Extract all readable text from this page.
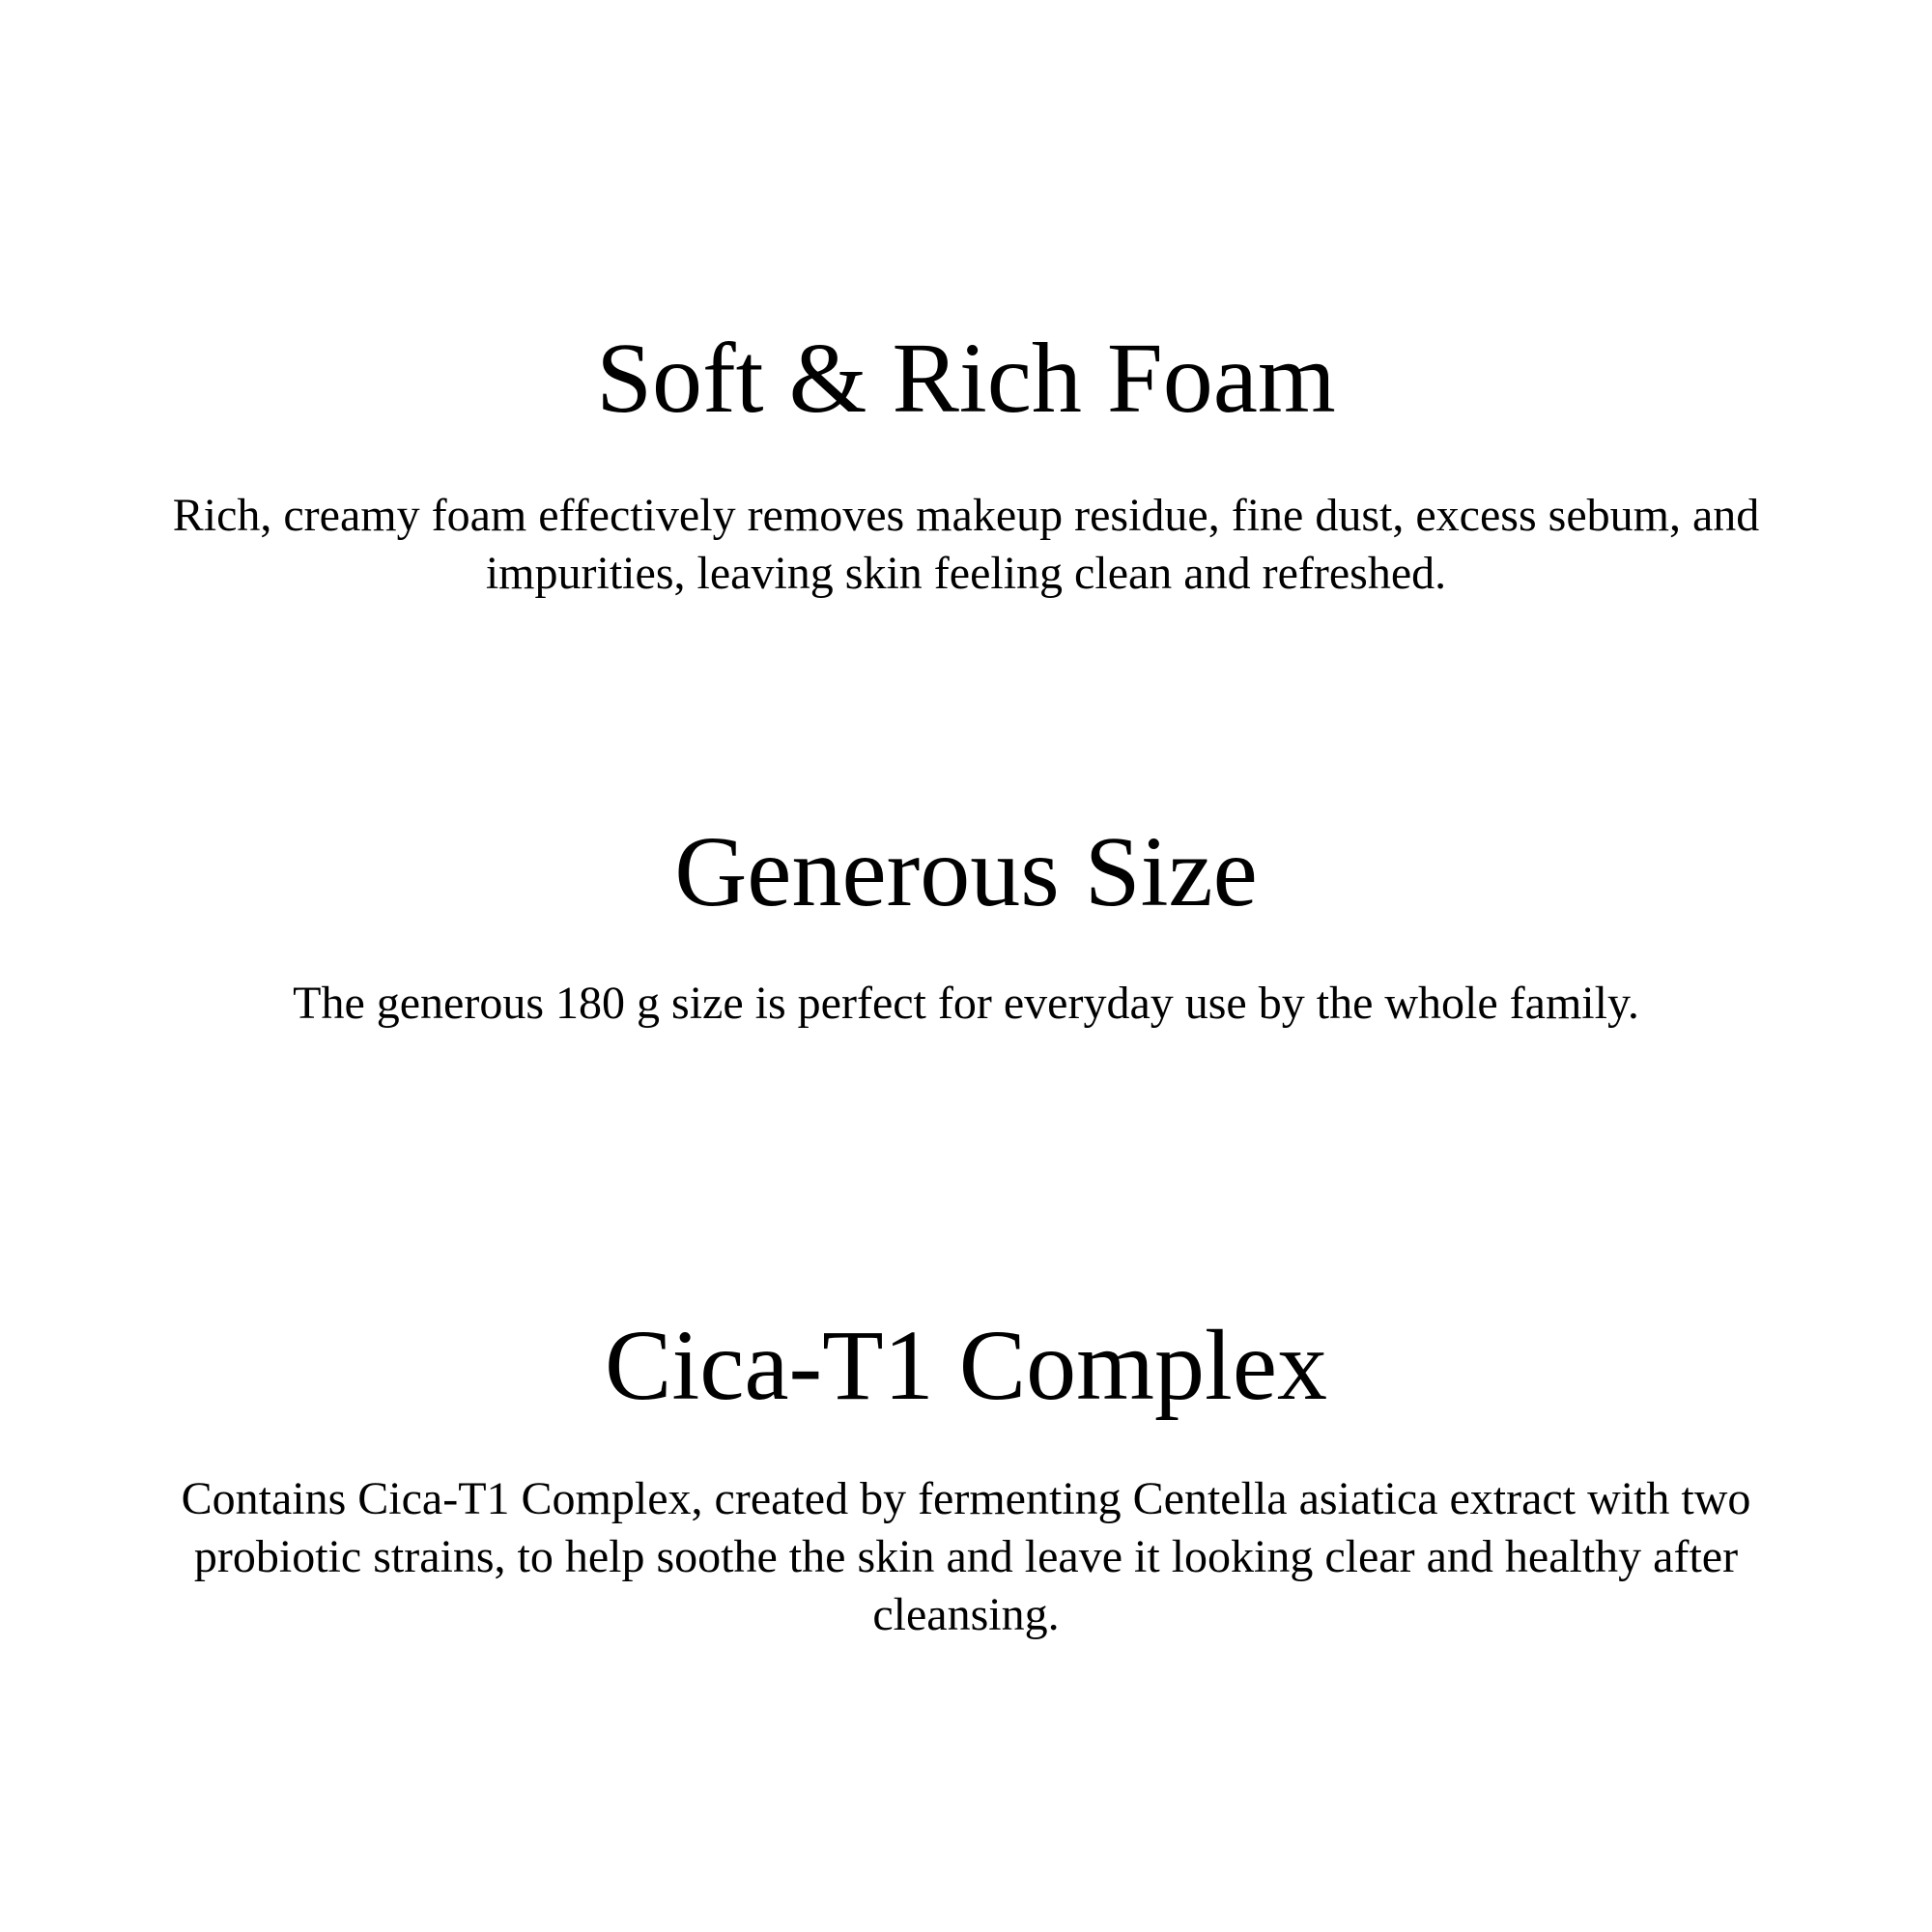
Soft & Rich Foam

Rich, creamy foam effectively removes makeup residue, fine dust, excess sebum, and impurities, leaving skin feeling clean and refreshed.

Generous Size

The generous 180 g size is perfect for everyday use by the whole family.

Cica-T1 Complex

Contains Cica-T1 Complex, created by fermenting Centella asiatica extract with two probiotic strains, to help soothe the skin and leave it looking clear and healthy after cleansing.
